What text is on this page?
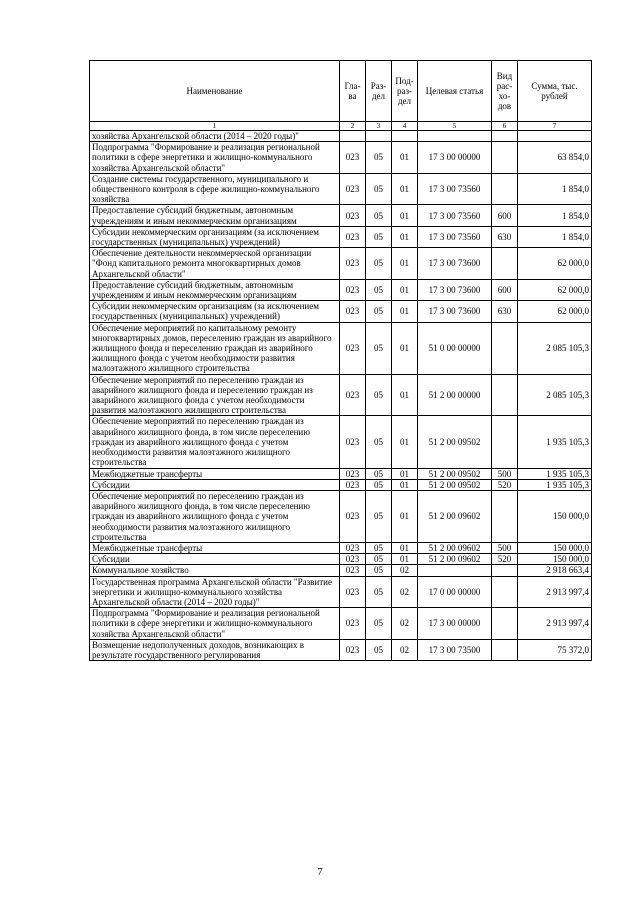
Наименование	Гла-ва	Раз-дел	Под-раз-дел	Целевая статья	Вид рас-хо-дов	Сумма, тыс. рублей
1	2	3	4	5	6	7
хозяйства Архангельской области (2014 – 2020 годы)"						
Подпрограмма "Формирование и реализация региональной политики в сфере энергетики и жилищно-коммунального хозяйства Архангельской области"	023	05	01	17 3 00 00000		63 854,0
Создание системы государственного, муниципального и общественного контроля в сфере жилищно-коммунального хозяйства	023	05	01	17 3 00 73560		1 854,0
Предоставление субсидий бюджетным, автономным учреждениям и иным некоммерческим организациям	023	05	01	17 3 00 73560	600	1 854,0
Субсидии некоммерческим организациям (за исключением государственных (муниципальных) учреждений)	023	05	01	17 3 00 73560	630	1 854,0
Обеспечение деятельности некоммерческой организации "Фонд капитального ремонта многоквартирных домов Архангельской области"	023	05	01	17 3 00 73600		62 000,0
Предоставление субсидий бюджетным, автономным учреждениям и иным некоммерческим организациям	023	05	01	17 3 00 73600	600	62 000,0
Субсидии некоммерческим организациям (за исключением государственных (муниципальных) учреждений)	023	05	01	17 3 00 73600	630	62 000,0
Обеспечение мероприятий по капитальному ремонту многоквартирных домов, переселению граждан из аварийного жилищного фонда и переселению граждан из аварийного жилищного фонда с учетом необходимости развития малоэтажного жилищного строительства	023	05	01	51 0 00 00000		2 085 105,3
Обеспечение мероприятий по переселению граждан из аварийного жилищного фонда и переселению граждан из аварийного жилищного фонда с учетом необходимости развития малоэтажного жилищного строительства	023	05	01	51 2 00 00000		2 085 105,3
Обеспечение мероприятий по переселению граждан из аварийного жилищного фонда, в том числе переселению граждан из аварийного жилищного фонда с учетом необходимости развития малоэтажного жилищного строительства	023	05	01	51 2 00 09502		1 935 105,3
Межбюджетные трансферты	023	05	01	51 2 00 09502	500	1 935 105,3
Субсидии	023	05	01	51 2 00 09502	520	1 935 105,3
Обеспечение мероприятий по переселению граждан из аварийного жилищного фонда, в том числе переселению граждан из аварийного жилищного фонда с учетом необходимости развития малоэтажного жилищного строительства	023	05	01	51 2 00 09602		150 000,0
Межбюджетные трансферты	023	05	01	51 2 00 09602	500	150 000,0
Субсидии	023	05	01	51 2 00 09602	520	150 000,0
Коммунальное хозяйство	023	05	02			2 918 663,4
Государственная программа Архангельской области "Развитие энергетики и жилищно-коммунального хозяйства Архангельской области (2014 – 2020 годы)"	023	05	02	17 0 00 00000		2 913 997,4
Подпрограмма "Формирование и реализация региональной политики в сфере энергетики и жилищно-коммунального хозяйства Архангельской области"	023	05	02	17 3 00 00000		2 913 997,4
Возмещение недополученных доходов, возникающих в результате государственного регулирования	023	05	02	17 3 00 73500		75 372,0
7
